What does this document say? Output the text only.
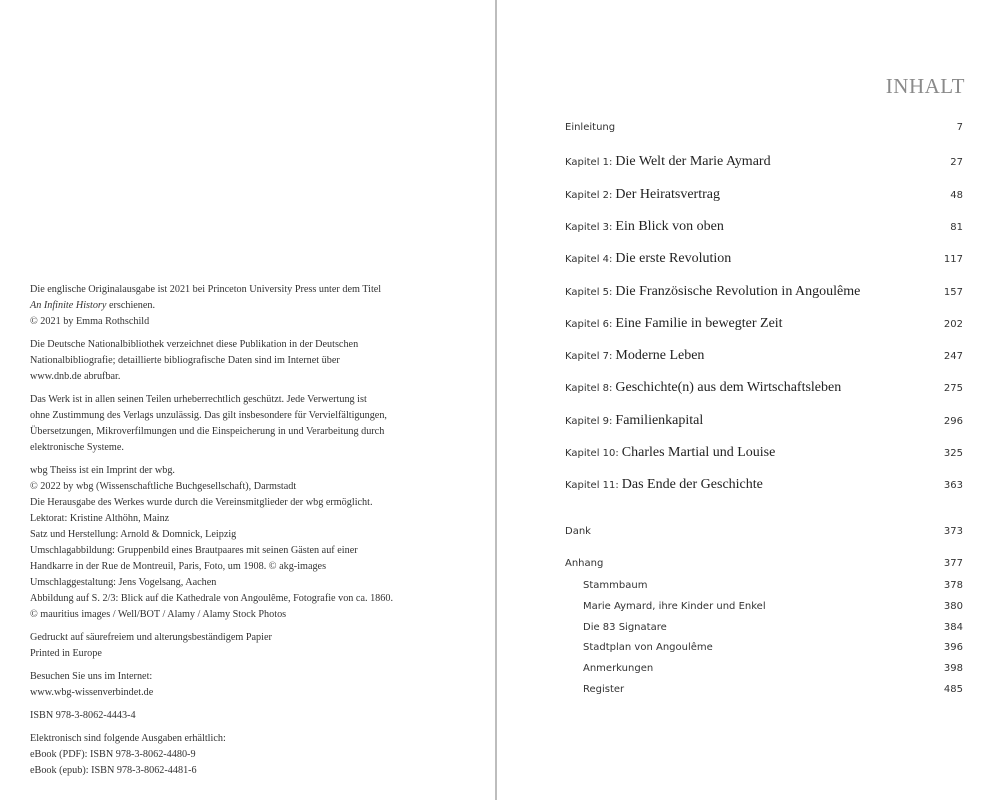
Die englische Originalausgabe ist 2021 bei Princeton University Press unter dem Titel
An Infinite History erschienen.
© 2021 by Emma Rothschild

Die Deutsche Nationalbibliothek verzeichnet diese Publikation in der Deutschen
Nationalbibliografie; detaillierte bibliografische Daten sind im Internet über
www.dnb.de abrufbar.

Das Werk ist in allen seinen Teilen urheberrechtlich geschützt. Jede Verwertung ist
ohne Zustimmung des Verlags unzulässig. Das gilt insbesondere für Vervielfältigungen,
Übersetzungen, Mikroverfilmungen und die Einspeicherung in und Verarbeitung durch
elektronische Systeme.

wbg Theiss ist ein Imprint der wbg.
© 2022 by wbg (Wissenschaftliche Buchgesellschaft), Darmstadt
Die Herausgabe des Werkes wurde durch die Vereinsmitglieder der wbg ermöglicht.
Lektorat: Kristine Althöhn, Mainz
Satz und Herstellung: Arnold & Domnick, Leipzig
Umschlagabbildung: Gruppenbild eines Brautpaares mit seinen Gästen auf einer
Handkarre in der Rue de Montreuil, Paris, Foto, um 1908. © akg-images
Umschlaggestaltung: Jens Vogelsang, Aachen
Abbildung auf S. 2/3: Blick auf die Kathedrale von Angoulême, Fotografie von ca. 1860.
© mauritius images / Well/BOT / Alamy / Alamy Stock Photos

Gedruckt auf säurefreiem und alterungsbeständigem Papier
Printed in Europe

Besuchen Sie uns im Internet:
www.wbg-wissenverbindet.de

ISBN 978-3-8062-4443-4

Elektronisch sind folgende Ausgaben erhältlich:
eBook (PDF): ISBN 978-3-8062-4480-9
eBook (epub): ISBN 978-3-8062-4481-6

INHALT
Einleitung	7
Kapitel 1: Die Welt der Marie Aymard	27
Kapitel 2: Der Heiratsvertrag	48
Kapitel 3: Ein Blick von oben	81
Kapitel 4: Die erste Revolution	117
Kapitel 5: Die Französische Revolution in Angoulême	157
Kapitel 6: Eine Familie in bewegter Zeit	202
Kapitel 7: Moderne Leben	247
Kapitel 8: Geschichte(n) aus dem Wirtschaftsleben	275
Kapitel 9: Familienkapital	296
Kapitel 10: Charles Martial und Louise	325
Kapitel 11: Das Ende der Geschichte	363
Dank	373
Anhang	377
Stammbaum	378
Marie Aymard, ihre Kinder und Enkel	380
Die 83 Signatare	384
Stadtplan von Angoulême	396
Anmerkungen	398
Register	485
